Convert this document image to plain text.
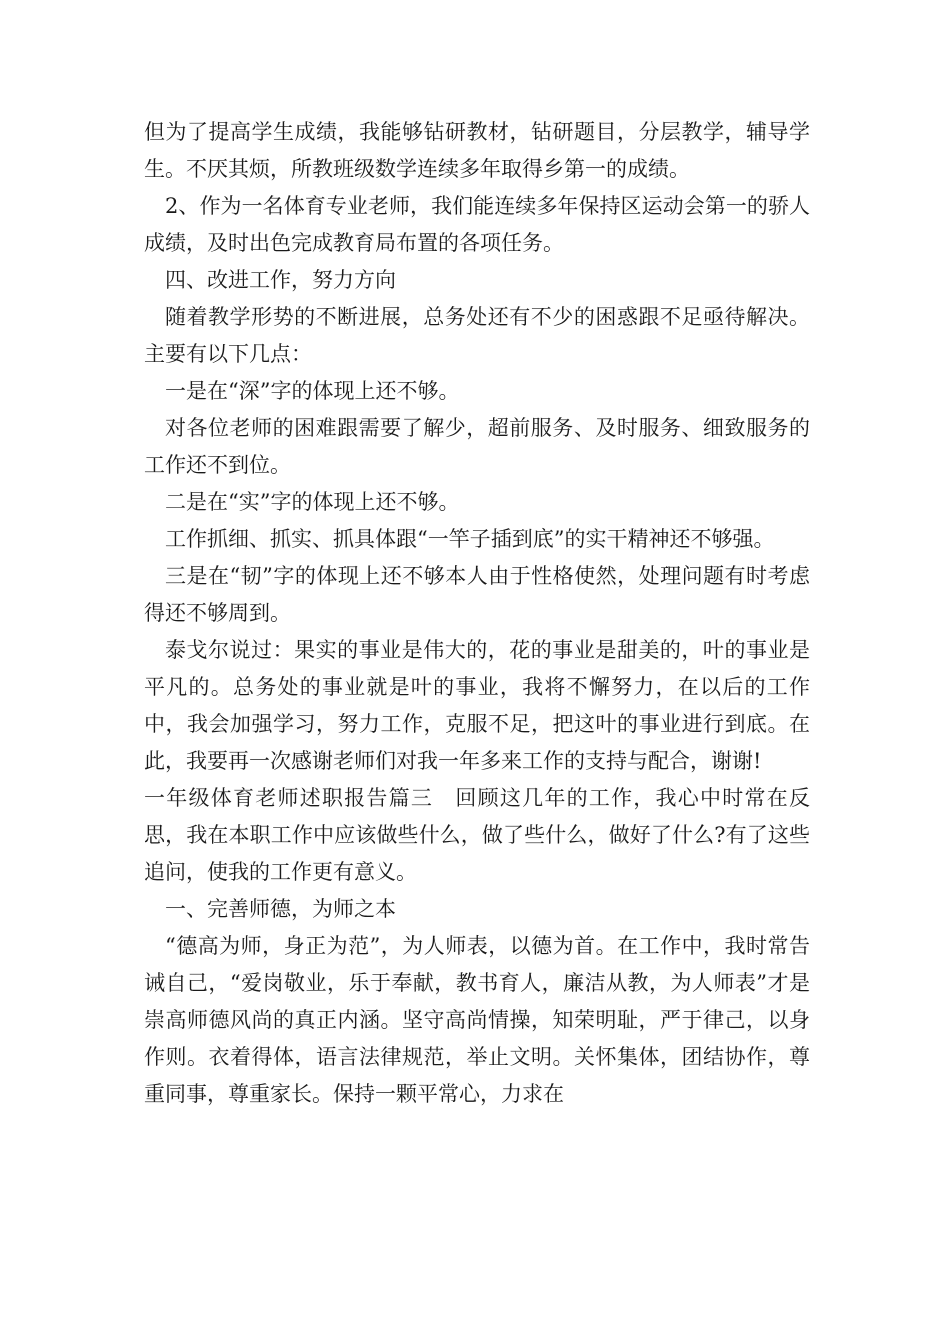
但为了提高学生成绩，我能够钻研教材，钻研题目，分层教学，辅导学生。不厌其烦，所教班级数学连续多年取得乡第一的成绩。

2、作为一名体育专业老师，我们能连续多年保持区运动会第一的骄人成绩，及时出色完成教育局布置的各项任务。

四、改进工作，努力方向

随着教学形势的不断进展，总务处还有不少的困惑跟不足亟待解决。主要有以下几点：

一是在“深”字的体现上还不够。

对各位老师的困难跟需要了解少，超前服务、及时服务、细致服务的工作还不到位。

二是在“实”字的体现上还不够。

工作抓细、抓实、抓具体跟“一竿子插到底”的实干精神还不够强。

三是在“韧”字的体现上还不够本人由于性格使然，处理问题有时考虑得还不够周到。

泰戈尔说过：果实的事业是伟大的，花的事业是甜美的，叶的事业是平凡的。总务处的事业就是叶的事业，我将不懈努力，在以后的工作中，我会加强学习，努力工作，克服不足，把这叶的事业进行到底。在此，我要再一次感谢老师们对我一年多来工作的支持与配合，谢谢!

一年级体育老师述职报告篇三　回顾这几年的工作，我心中时常在反思，我在本职工作中应该做些什么，做了些什么，做好了什么?有了这些追问，使我的工作更有意义。

一、完善师德，为师之本

“德高为师，身正为范”，为人师表，以德为首。在工作中，我时常告诫自己，“爱岗敬业，乐于奉献，教书育人，廉洁从教，为人师表”才是崇高师德风尚的真正内涵。坚守高尚情操，知荣明耻，严于律己，以身作则。衣着得体，语言法律规范，举止文明。关怀集体，团结协作，尊重同事，尊重家长。保持一颗平常心，力求在
